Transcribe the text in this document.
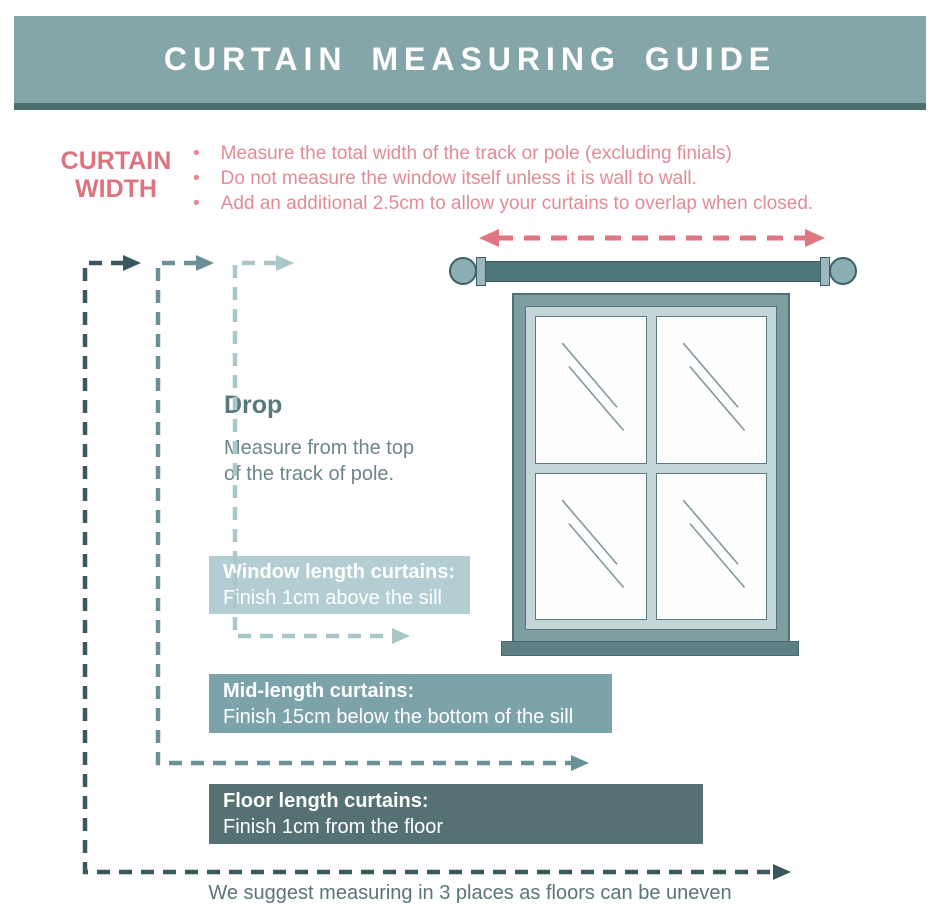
CURTAIN MEASURING GUIDE
CURTAIN
WIDTH
• Measure the total width of the track or pole (excluding finials)
• Do not measure the window itself unless it is wall to wall.
• Add an additional 2.5cm to allow your curtains to overlap when closed.
Drop

Measure from the top
of the track of pole.

Window length curtains:
Finish 1cm above the sill
Mid-length curtains:
Finish 15cm below the bottom of the sill
Floor length curtains:
Finish 1cm from the floor
We suggest measuring in 3 places as floors can be uneven
